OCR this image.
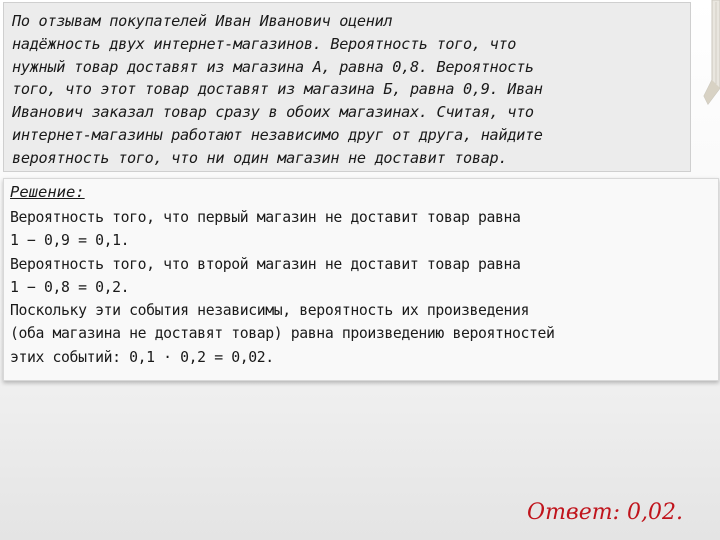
По отзывам покупателей Иван Иванович оценил
надёжность двух интернет-магазинов. Вероятность того, что
нужный товар доставят из магазина А, равна 0,8. Вероятность
того, что этот товар доставят из магазина Б, равна 0,9. Иван
Иванович заказал товар сразу в обоих магазинах. Считая, что
интернет-магазины работают независимо друг от друга, найдите
вероятность того, что ни один магазин не доставит товар.

Решение:

Вероятность того, что первый магазин не доставит товар равна
1 − 0,9 = 0,1.
Вероятность того, что второй магазин не доставит товар равна
1 − 0,8 = 0,2.
Поскольку эти события независимы, вероятность их произведения
(оба магазина не доставят товар) равна произведению вероятностей
этих событий: 0,1 · 0,2 = 0,02.

Ответ: 0,02.
